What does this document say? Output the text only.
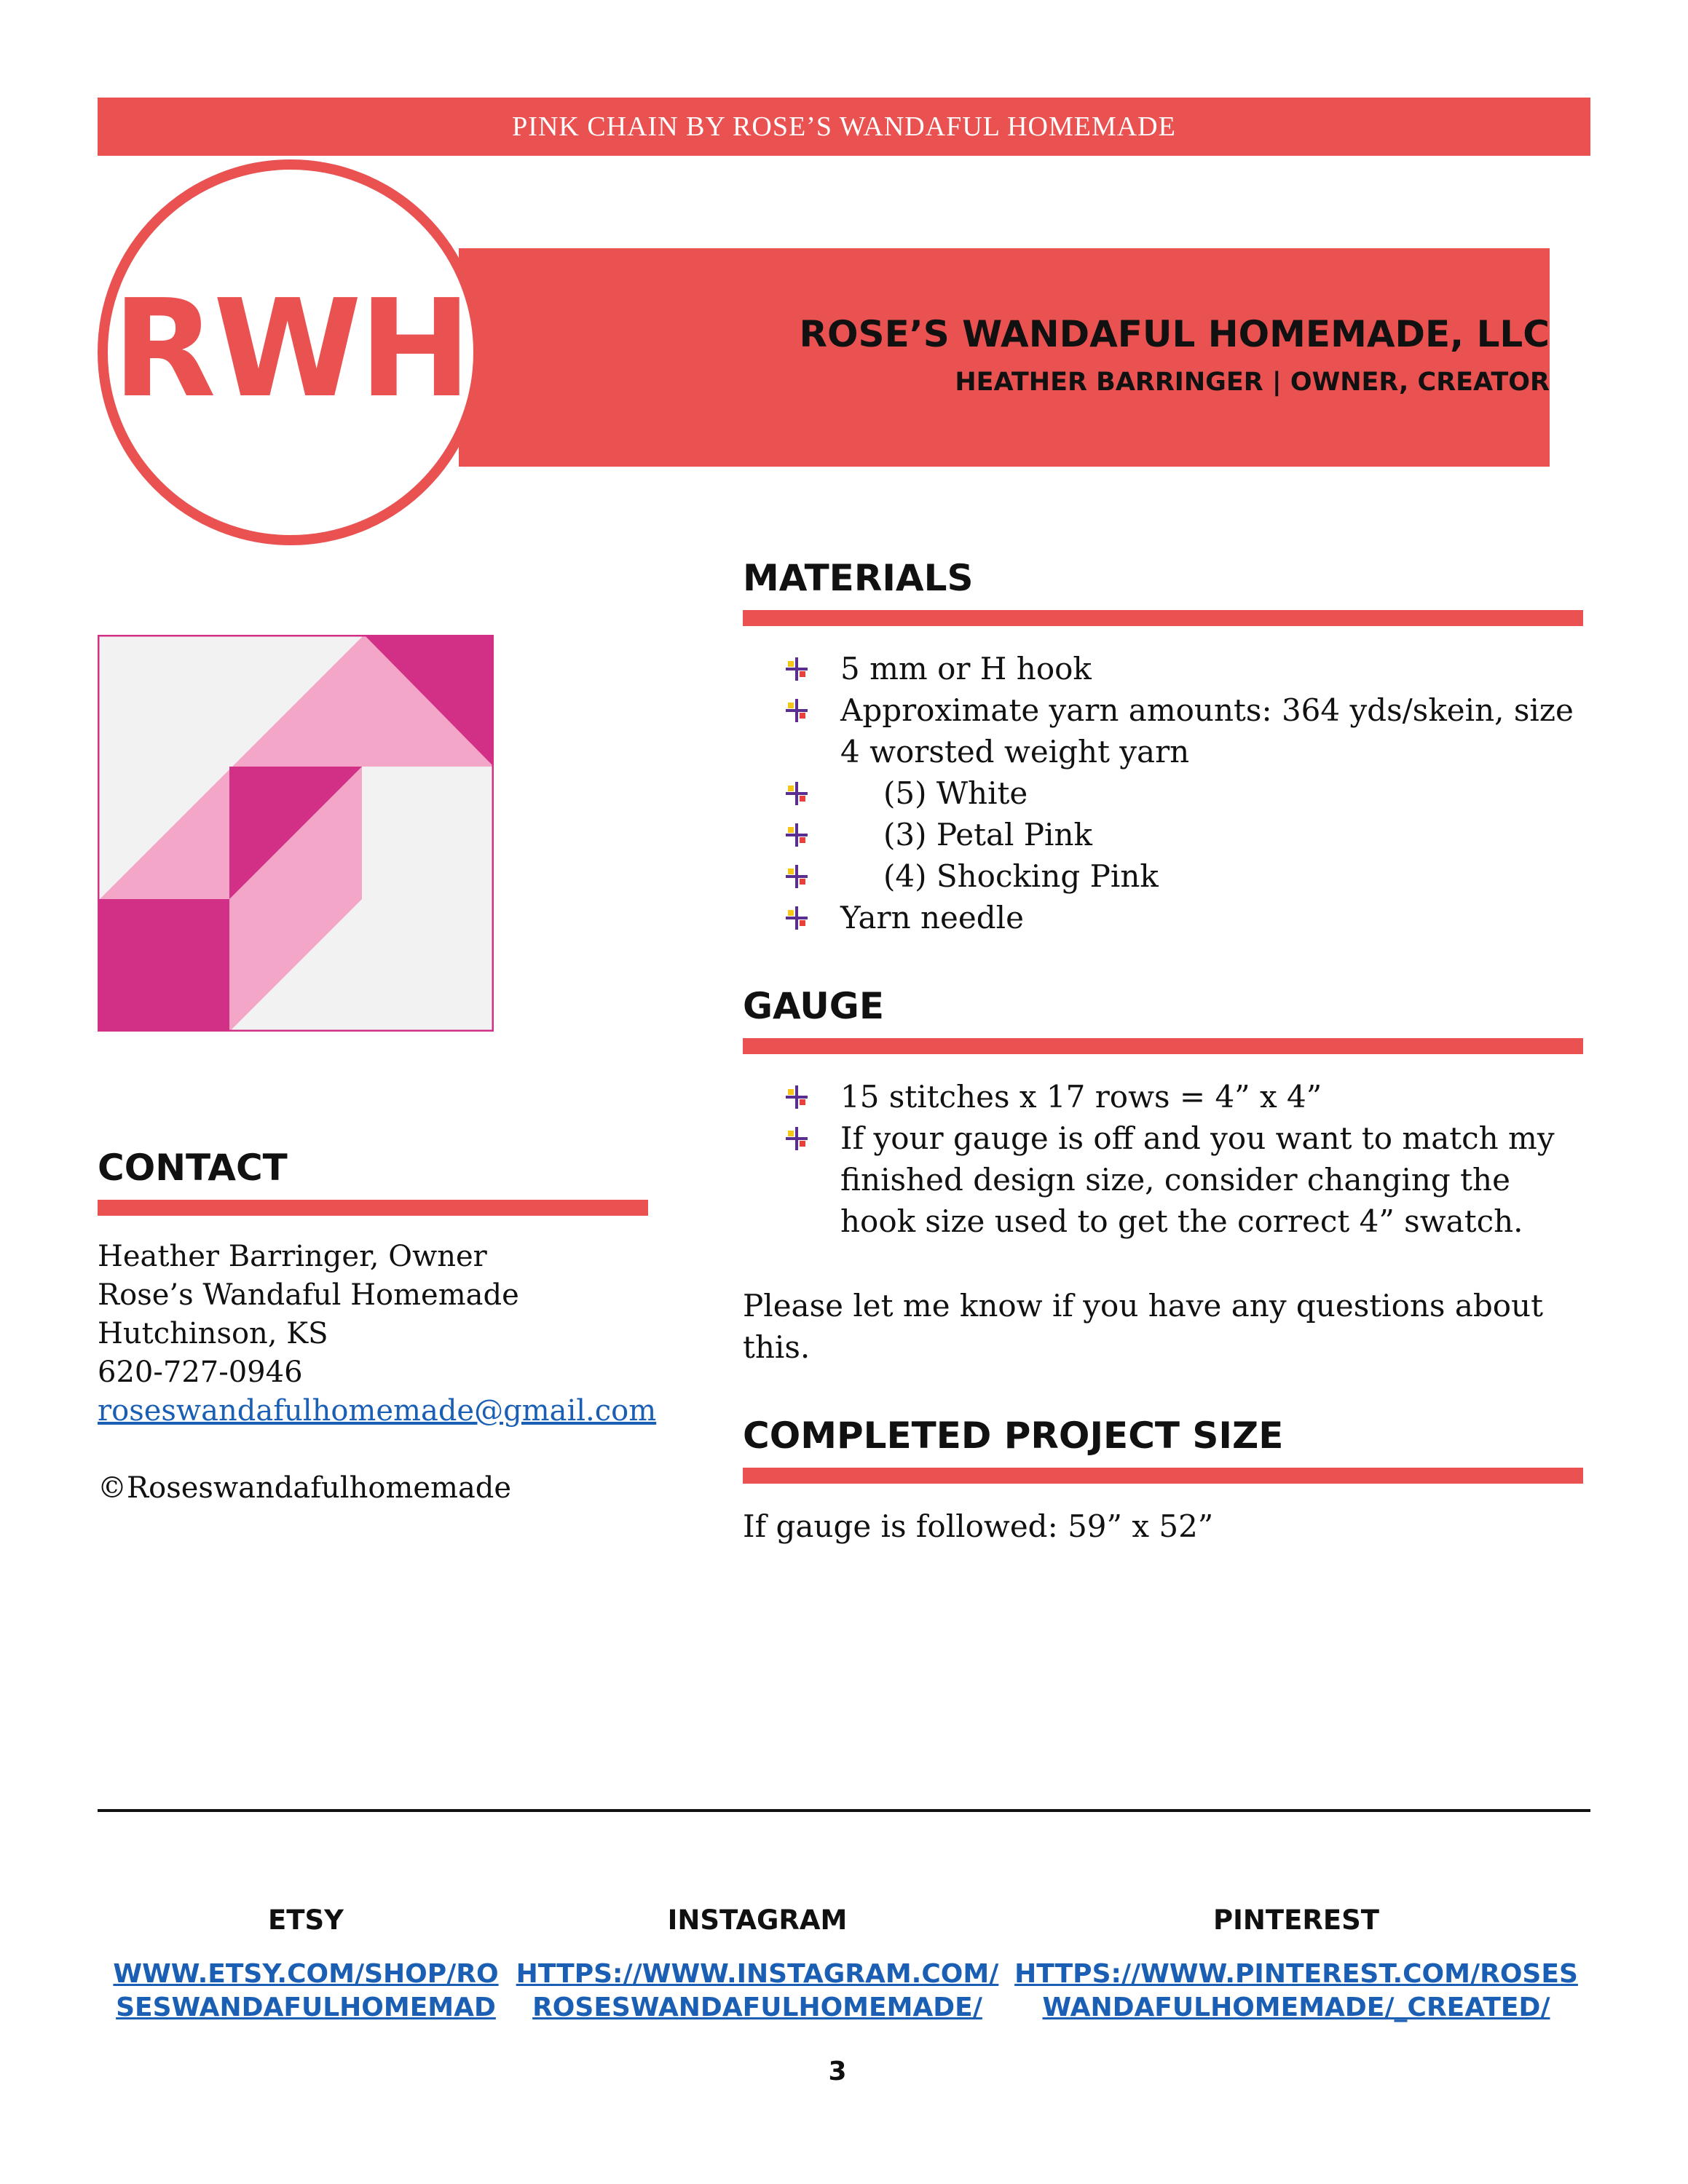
PINK CHAIN BY ROSE’S WANDAFUL HOMEMADE
ROSE’S WANDAFUL HOMEMADE, LLC
HEATHER BARRINGER | OWNER, CREATOR
RWH
MATERIALS
5 mm or H hook
Approximate yarn amounts: 364 yds/skein, size 4 worsted weight yarn
(5) White
(3) Petal Pink
(4) Shocking Pink
Yarn needle
GAUGE
15 stitches x 17 rows = 4” x 4”
If your gauge is off and you want to match my finished design size, consider changing the hook size used to get the correct 4” swatch.
Please let me know if you have any questions about this.
COMPLETED PROJECT SIZE
If gauge is followed: 59” x 52”
CONTACT
Heather Barringer, Owner
Rose’s Wandaful Homemade
Hutchinson, KS
620-727-0946
roseswandafulhomemade@gmail.com
©Roseswandafulhomemade
ETSY
WWW.ETSY.COM/SHOP/RO
SESWANDAFULHOMEMAD
INSTAGRAM
HTTPS://WWW.INSTAGRAM.COM/
ROSESWANDAFULHOMEMADE/
PINTEREST
HTTPS://WWW.PINTEREST.COM/ROSES
WANDAFULHOMEMADE/_CREATED/
3
